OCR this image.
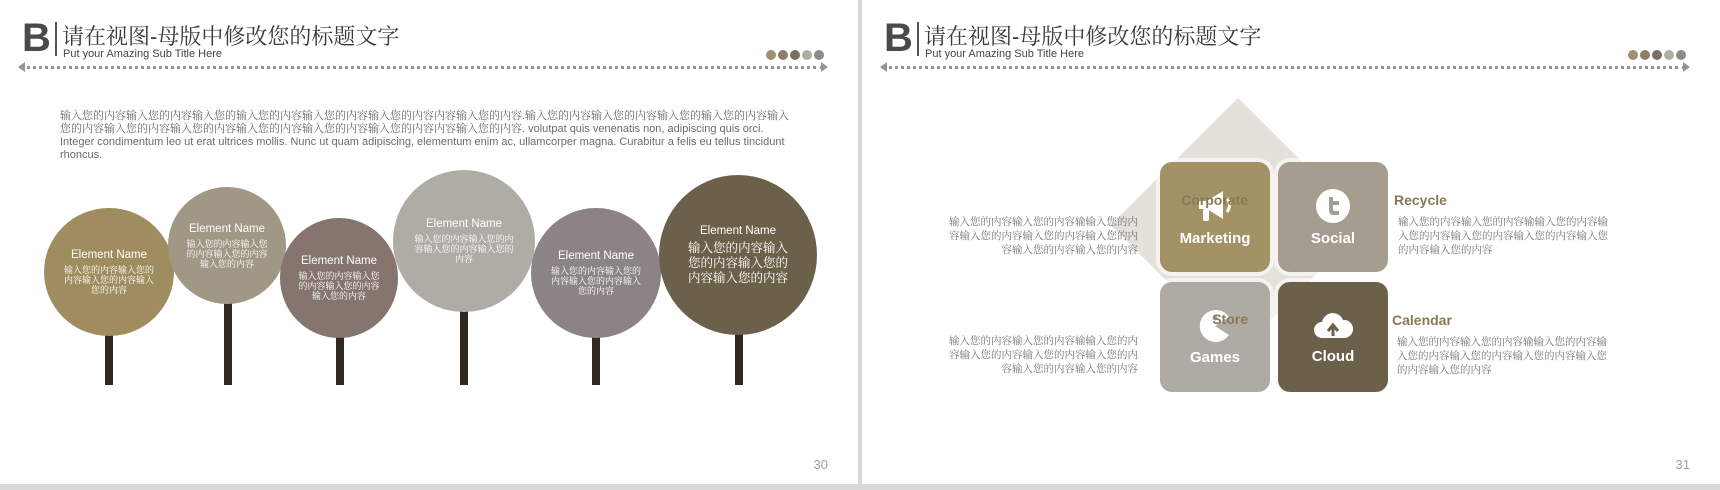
B 请在视图-母版中修改您的标题文字
Put your Amazing Sub Title Here
输入您的内容输入您的内容输入您的输入您的内容输入您的内容输入您的内容内容输入您的内容.输入您的内容输入您的内容输入您的输入您的内容输入您的内容输入您的内容输入您的内容输入您的内容输入您的内容输入您的内容内容输入您的内容. volutpat quis venenatis non, adipiscing quis orci. Integer condimentum leo ut erat ultrices mollis. Nunc ut quam adipiscing, elementum enim ac, ullamcorper magna. Curabitur a felis eu tellus tincidunt rhoncus.
Element Name
输入您的内容输入您的内容输入您的内容输入您的内容
Element Name
输入您的内容输入您的内容输入您的内容输入您的内容	Element Name
输入您的内容输入您的内容输入您的内容输入您的内容
Element Name
输入您的内容输入您的内容输入您的内容输入您的内容	Element Name
输入您的内容输入您的内容输入您的内容输入您的内容
Element Name
输入您的内容输入您的内容输入您的内容输入您的内容
30
B 请在视图-母版中修改您的标题文字
Put your Amazing Sub Title Here
Marketing	Social
Games	Cloud
Corporate
输入您的内容输入您的内容输输入您的内容输入您的内容输入您的内容输入您的内容输入您的内容输入您的内容
Recycle
输入您的内容输入您的内容输输入您的内容输入您的内容输入您的内容输入您的内容输入您的内容输入您的内容
Store
输入您的内容输入您的内容输输入您的内容输入您的内容输入您的内容输入您的内容输入您的内容输入您的内容
Calendar
输入您的内容输入您的内容输输入您的内容输入您的内容输入您的内容输入您的内容输入您的内容输入您的内容
31
